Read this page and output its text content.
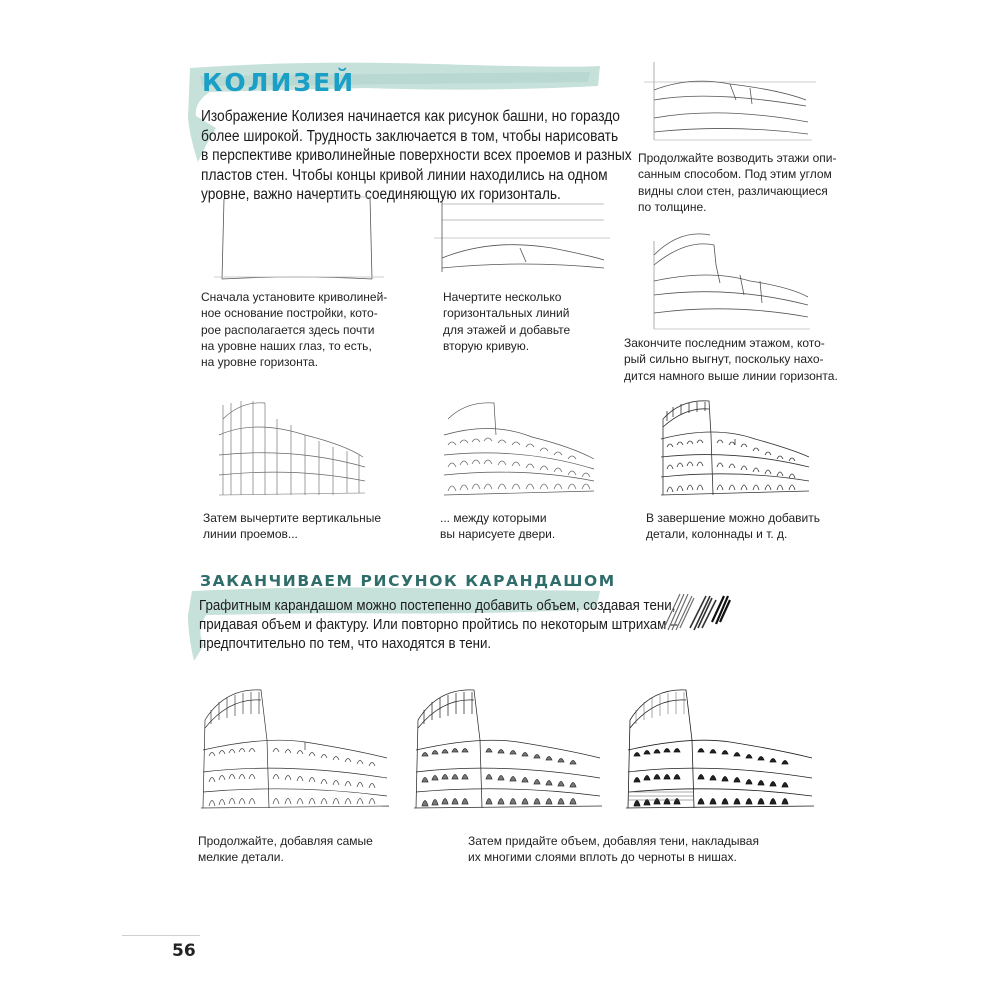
КОЛИЗЕЙ

Изображение Колизея начинается как рисунок башни, но гораздо
более широкой. Трудность заключается в том, чтобы нарисовать
в перспективе криволинейные поверхности всех проемов и разных
пластов стен. Чтобы концы кривой линии находились на одном
уровне, важно начертить соединяющую их горизонталь.

Сначала установите криволиней-
ное основание постройки, кото-
рое располагается здесь почти
на уровне наших глаз, то есть,
на уровне горизонта.

Начертите несколько
горизонтальных линий
для этажей и добавьте
вторую кривую.

Продолжайте возводить этажи опи-
санным способом. Под этим углом
видны слои стен, различающиеся
по толщине.

Закончите последним этажом, кото-
рый сильно выгнут, поскольку нахо-
дится намного выше линии горизонта.

Затем вычертите вертикальные
линии проемов...

... между которыми
вы нарисуете двери.

В завершение можно добавить
детали, колоннады и т. д.

ЗАКАНЧИВАЕМ РИСУНОК КАРАНДАШОМ

Графитным карандашом можно постепенно добавить объем, создавая тени,
придавая объем и фактуру. Или повторно пройтись по некоторым штрихам –
предпочтительно по тем, что находятся в тени.

Продолжайте, добавляя самые
мелкие детали.

Затем придайте объем, добавляя тени, накладывая
их многими слоями вплоть до черноты в нишах.

56
